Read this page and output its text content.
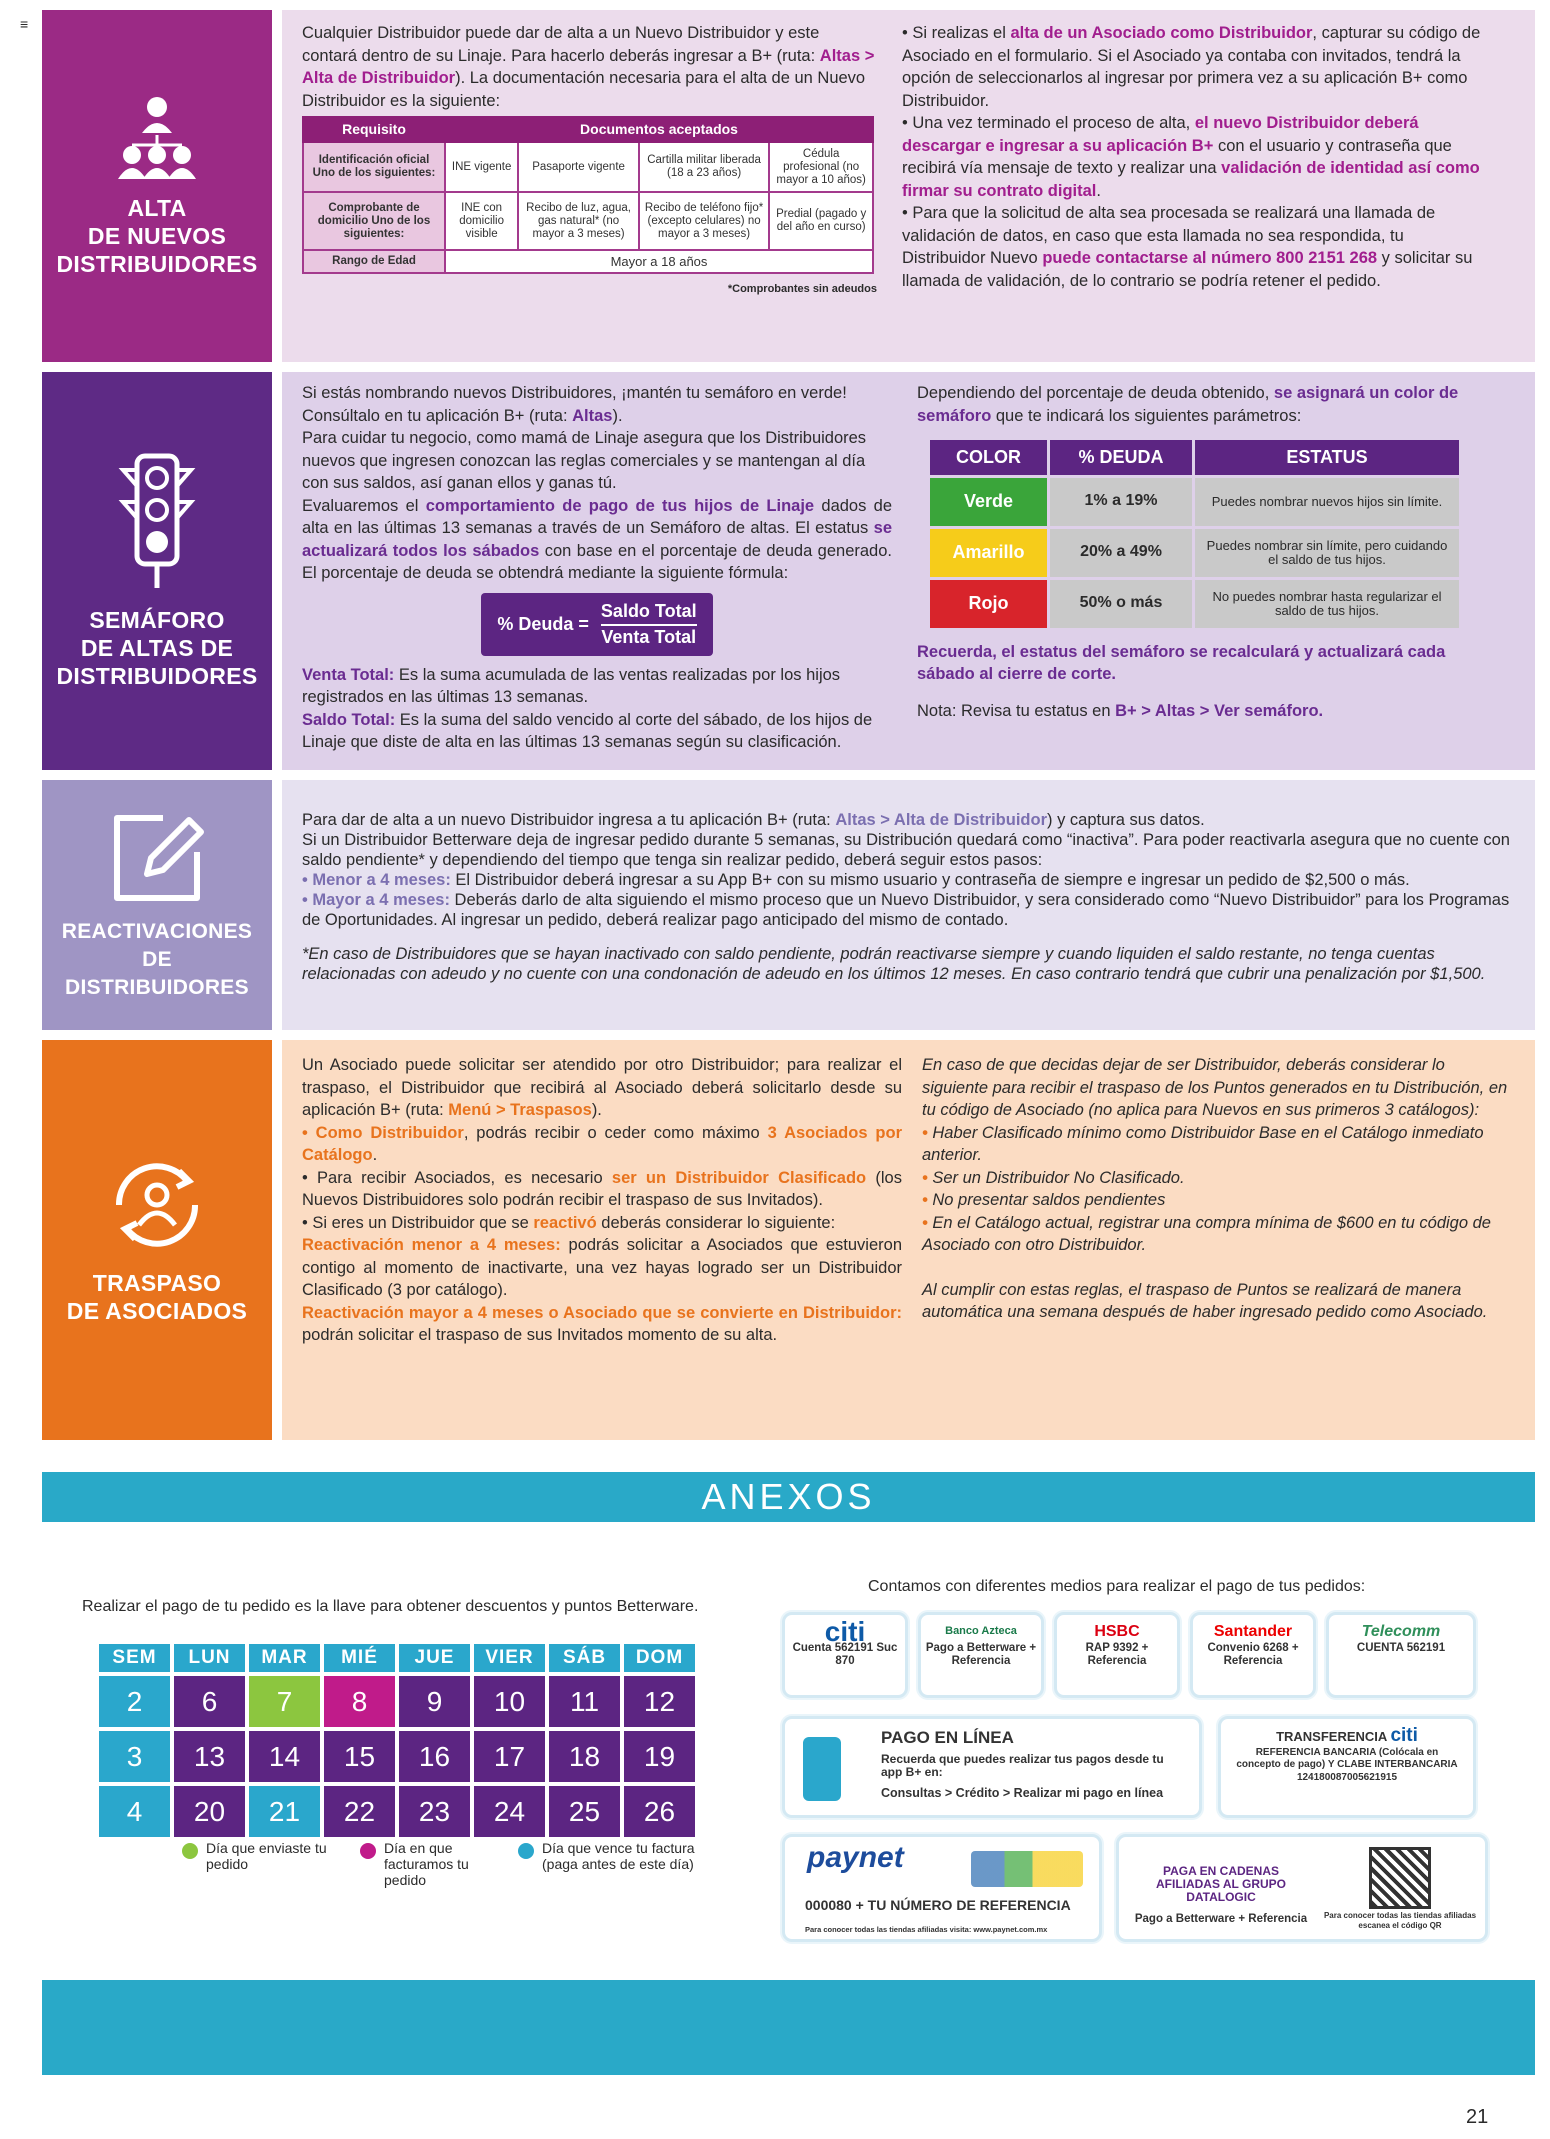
≡
ALTA
DE NUEVOS
DISTRIBUIDORES

Cualquier Distribuidor puede dar de alta a un Nuevo Distribuidor y este contará dentro de su Linaje. Para hacerlo deberás ingresar a B+ (ruta: Altas > Alta de Distribuidor). La documentación necesaria para el alta de un Nuevo Distribuidor es la siguiente:

Requisito	Documentos aceptados			
Identificación oficial Uno de los siguientes:	INE vigente	Pasaporte vigente	Cartilla militar liberada (18 a 23 años)	Cédula profesional (no mayor a 10 años)
Comprobante de domicilio Uno de los siguientes:	INE con domicilio visible	Recibo de luz, agua, gas natural* (no mayor a 3 meses)	Recibo de teléfono fijo* (excepto celulares) no mayor a 3 meses)	Predial (pagado y del año en curso)
Rango de Edad	Mayor a 18 años			
*Comprobantes sin adeudos

• Si realizas el alta de un Asociado como Distribuidor, capturar su código de Asociado en el formulario. Si el Asociado ya contaba con invitados, tendrá la opción de seleccionarlos al ingresar por primera vez a su aplicación B+ como Distribuidor.

• Una vez terminado el proceso de alta, el nuevo Distribuidor deberá descargar e ingresar a su aplicación B+ con el usuario y contraseña que recibirá vía mensaje de texto y realizar una validación de identidad así como firmar su contrato digital.

• Para que la solicitud de alta sea procesada se realizará una llamada de validación de datos, en caso que esta llamada no sea respondida, tu Distribuidor Nuevo puede contactarse al número 800 2151 268 y solicitar su llamada de validación, de lo contrario se podría retener el pedido.

SEMÁFORO
DE ALTAS DE
DISTRIBUIDORES

Si estás nombrando nuevos Distribuidores, ¡mantén tu semáforo en verde! Consúltalo en tu aplicación B+ (ruta: Altas).

Para cuidar tu negocio, como mamá de Linaje asegura que los Distribuidores nuevos que ingresen conozcan las reglas comerciales y se mantengan al día con sus saldos, así ganan ellos y ganas tú.

Evaluaremos el comportamiento de pago de tus hijos de Linaje dados de alta en las últimas 13 semanas a través de un Semáforo de altas. El estatus se actualizará todos los sábados con base en el porcentaje de deuda generado. El porcentaje de deuda se obtendrá mediante la siguiente fórmula:

% Deuda = $\frac{\text{Saldo Total}}{\text{Venta Total}}$

Venta Total: Es la suma acumulada de las ventas realizadas por los hijos registrados en las últimas 13 semanas.

Saldo Total: Es la suma del saldo vencido al corte del sábado, de los hijos de Linaje que diste de alta en las últimas 13 semanas según su clasificación.

Dependiendo del porcentaje de deuda obtenido, se asignará un color de semáforo que te indicará los siguientes parámetros:

COLOR	% DEUDA	ESTATUS
Verde	1% a 19%	Puedes nombrar nuevos hijos sin límite.
Amarillo	20% a 49%	Puedes nombrar sin límite, pero cuidando el saldo de tus hijos.
Rojo	50% o más	No puedes nombrar hasta regularizar el saldo de tus hijos.

Recuerda, el estatus del semáforo se recalculará y actualizará cada sábado al cierre de corte.

Nota: Revisa tu estatus en B+ > Altas > Ver semáforo.

REACTIVACIONES
DE
DISTRIBUIDORES

Para dar de alta a un nuevo Distribuidor ingresa a tu aplicación B+ (ruta: Altas > Alta de Distribuidor) y captura sus datos.

Si un Distribuidor Betterware deja de ingresar pedido durante 5 semanas, su Distribución quedará como “inactiva”. Para poder reactivarla asegura que no cuente con saldo pendiente* y dependiendo del tiempo que tenga sin realizar pedido, deberá seguir estos pasos:

• Menor a 4 meses: El Distribuidor deberá ingresar a su App B+ con su mismo usuario y contraseña de siempre e ingresar un pedido de $2,500 o más.

• Mayor a 4 meses: Deberás darlo de alta siguiendo el mismo proceso que un Nuevo Distribuidor, y sera considerado como “Nuevo Distribuidor” para los Programas de Oportunidades. Al ingresar un pedido, deberá realizar pago anticipado del mismo de contado.

*En caso de Distribuidores que se hayan inactivado con saldo pendiente, podrán reactivarse siempre y cuando liquiden el saldo restante, no tenga cuentas relacionadas con adeudo y no cuente con una condonación de adeudo en los últimos 12 meses. En caso contrario tendrá que cubrir una penalización por $1,500.

TRASPASO
DE ASOCIADOS

Un Asociado puede solicitar ser atendido por otro Distribuidor; para realizar el traspaso, el Distribuidor que recibirá al Asociado deberá solicitarlo desde su aplicación B+ (ruta: Menú > Traspasos).

• Como Distribuidor, podrás recibir o ceder como máximo 3 Asociados por Catálogo.

• Para recibir Asociados, es necesario ser un Distribuidor Clasificado (los Nuevos Distribuidores solo podrán recibir el traspaso de sus Invitados).

• Si eres un Distribuidor que se reactivó deberás considerar lo siguiente:

Reactivación menor a 4 meses: podrás solicitar a Asociados que estuvieron contigo al momento de inactivarte, una vez hayas logrado ser un Distribuidor Clasificado (3 por catálogo).

Reactivación mayor a 4 meses o Asociado que se convierte en Distribuidor: podrán solicitar el traspaso de sus Invitados momento de su alta.

En caso de que decidas dejar de ser Distribuidor, deberás considerar lo siguiente para recibir el traspaso de los Puntos generados en tu Distribución, en tu código de Asociado (no aplica para Nuevos en sus primeros 3 catálogos):

• Haber Clasificado mínimo como Distribuidor Base en el Catálogo inmediato anterior.

• Ser un Distribuidor No Clasificado.

• No presentar saldos pendientes

• En el Catálogo actual, registrar una compra mínima de $600 en tu código de Asociado con otro Distribuidor.

Al cumplir con estas reglas, el traspaso de Puntos se realizará de manera automática una semana después de haber ingresado pedido como Asociado.

ANEXOS
Realizar el pago de tu pedido es la llave para obtener descuentos y puntos Betterware.
SEM	LUN	MAR	MIÉ	JUE	VIER	SÁB	DOM
2	6	7	8	9	10	11	12
3	13	14	15	16	17	18	19
4	20	21	22	23	24	25	26
Día que enviaste tu pedido
Día en que facturamos tu pedido
Día que vence tu factura (paga antes de este día)
Contamos con diferentes medios para realizar el pago de tus pedidos:
citi
Cuenta 562191 Suc 870
Banco Azteca
Pago a Betterware + Referencia
HSBC
RAP 9392 + Referencia
Santander
Convenio 6268 + Referencia
Telecomm
CUENTA 562191
PAGO EN LÍNEA
Recuerda que puedes realizar tus pagos desde tu app B+ en:
Consultas > Crédito > Realizar mi pago en línea
TRANSFERENCIA citi
REFERENCIA BANCARIA (Colócala en concepto de pago) Y CLABE INTERBANCARIA
124180087005621915
paynet
000080 + TU NÚMERO DE REFERENCIA
Para conocer todas las tiendas afiliadas visita: www.paynet.com.mx
PAGA EN CADENAS AFILIADAS AL GRUPO DATALOGIC
Pago a Betterware + Referencia	Para conocer todas las tiendas afiliadas escanea el código QR
21
